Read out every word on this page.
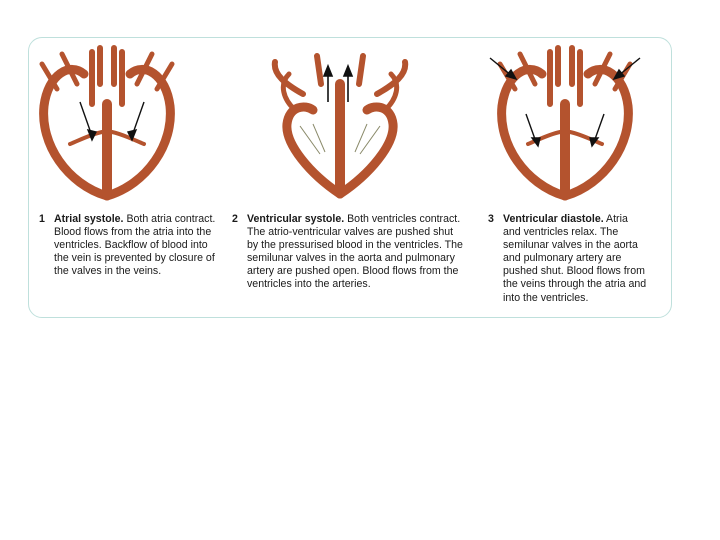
1 Atrial systole. Both atria contract. Blood flows from the atria into the ventricles. Backflow of blood into the vein is prevented by closure of the valves in the veins.
2 Ventricular systole. Both ventricles contract. The atrio-ventricular valves are pushed shut by the pressurised blood in the ventricles. The semilunar valves in the aorta and pulmonary artery are pushed open. Blood flows from the ventricles into the arteries.
3 Ventricular diastole. Atria and ventricles relax. The semilunar valves in the aorta and pulmonary artery are pushed shut. Blood flows from the veins through the atria and into the ventricles.
